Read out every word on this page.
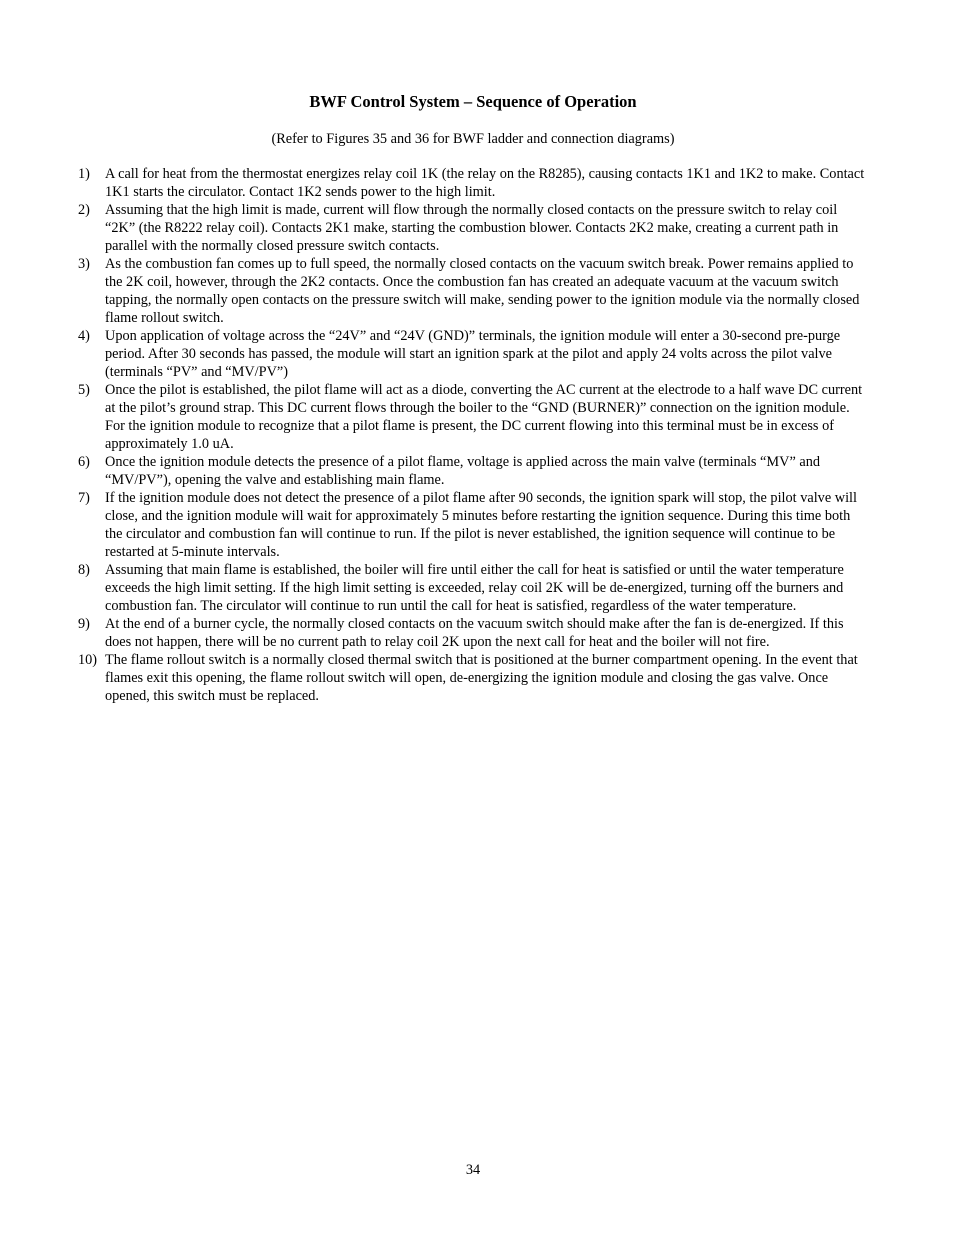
BWF Control System – Sequence of Operation

(Refer to Figures 35 and 36 for BWF ladder and connection diagrams)

1) A call for heat from the thermostat energizes relay coil 1K (the relay on the R8285), causing contacts 1K1 and 1K2 to make. Contact 1K1 starts the circulator. Contact 1K2 sends power to the high limit.
2) Assuming that the high limit is made, current will flow through the normally closed contacts on the pressure switch to relay coil “2K” (the R8222 relay coil). Contacts 2K1 make, starting the combustion blower. Contacts 2K2 make, creating a current path in parallel with the normally closed pressure switch contacts.
3) As the combustion fan comes up to full speed, the normally closed contacts on the vacuum switch break. Power remains applied to the 2K coil, however, through the 2K2 contacts. Once the combustion fan has created an adequate vacuum at the vacuum switch tapping, the normally open contacts on the pressure switch will make, sending power to the ignition module via the normally closed flame rollout switch.
4) Upon application of voltage across the “24V” and “24V (GND)” terminals, the ignition module will enter a 30-second pre-purge period. After 30 seconds has passed, the module will start an ignition spark at the pilot and apply 24 volts across the pilot valve (terminals “PV” and “MV/PV”)
5) Once the pilot is established, the pilot flame will act as a diode, converting the AC current at the electrode to a half wave DC current at the pilot’s ground strap. This DC current flows through the boiler to the “GND (BURNER)” connection on the ignition module. For the ignition module to recognize that a pilot flame is present, the DC current flowing into this terminal must be in excess of approximately 1.0 uA.
6) Once the ignition module detects the presence of a pilot flame, voltage is applied across the main valve (terminals “MV” and “MV/PV”), opening the valve and establishing main flame.
7) If the ignition module does not detect the presence of a pilot flame after 90 seconds, the ignition spark will stop, the pilot valve will close, and the ignition module will wait for approximately 5 minutes before restarting the ignition sequence. During this time both the circulator and combustion fan will continue to run. If the pilot is never established, the ignition sequence will continue to be restarted at 5-minute intervals.
8) Assuming that main flame is established, the boiler will fire until either the call for heat is satisfied or until the water temperature exceeds the high limit setting. If the high limit setting is exceeded, relay coil 2K will be de-energized, turning off the burners and combustion fan. The circulator will continue to run until the call for heat is satisfied, regardless of the water temperature.
9) At the end of a burner cycle, the normally closed contacts on the vacuum switch should make after the fan is de-energized. If this does not happen, there will be no current path to relay coil 2K upon the next call for heat and the boiler will not fire.
10) The flame rollout switch is a normally closed thermal switch that is positioned at the burner compartment opening. In the event that flames exit this opening, the flame rollout switch will open, de-energizing the ignition module and closing the gas valve. Once opened, this switch must be replaced.

34
